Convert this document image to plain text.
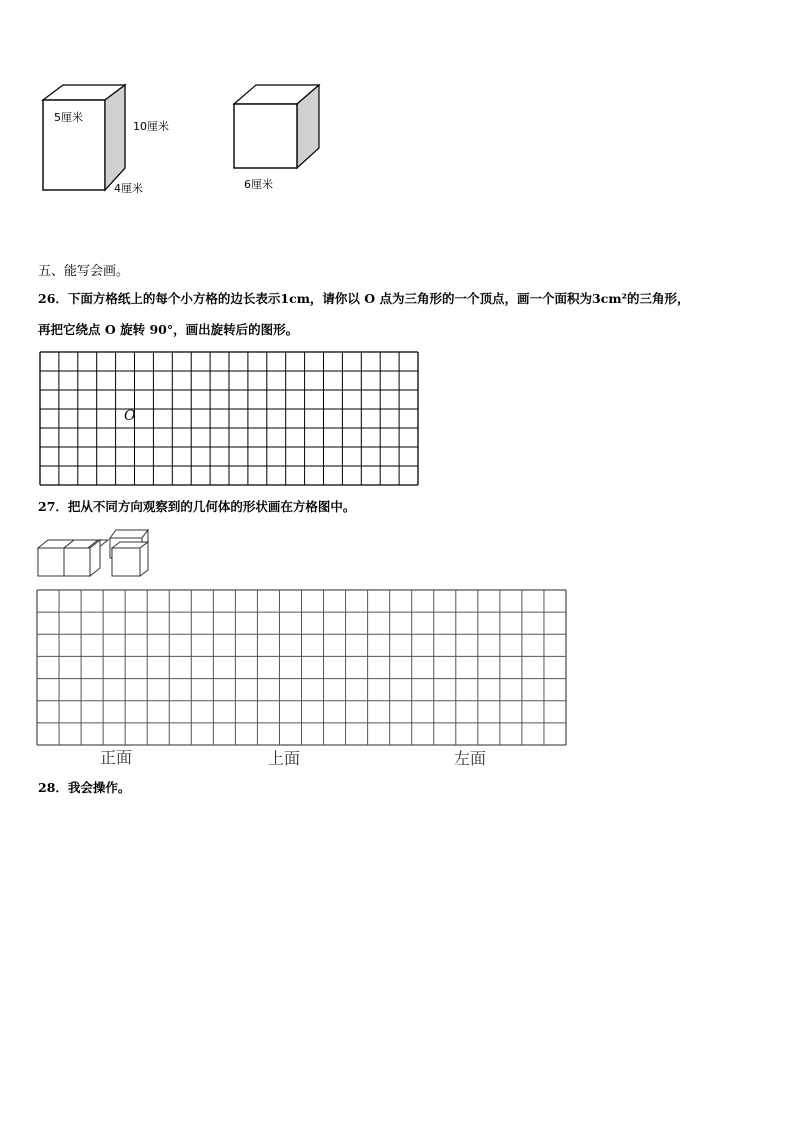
5厘米
10厘米
4厘米	6厘米
五、能写会画。
26．下面方格纸上的每个小方格的边长表示1cm，请你以 O 点为三角形的一个顶点，画一个面积为3cm²的三角形，
再把它绕点 O 旋转 90°，画出旋转后的图形。
O
27．把从不同方向观察到的几何体的形状画在方格图中。
正面	上面	左面
28．我会操作。
